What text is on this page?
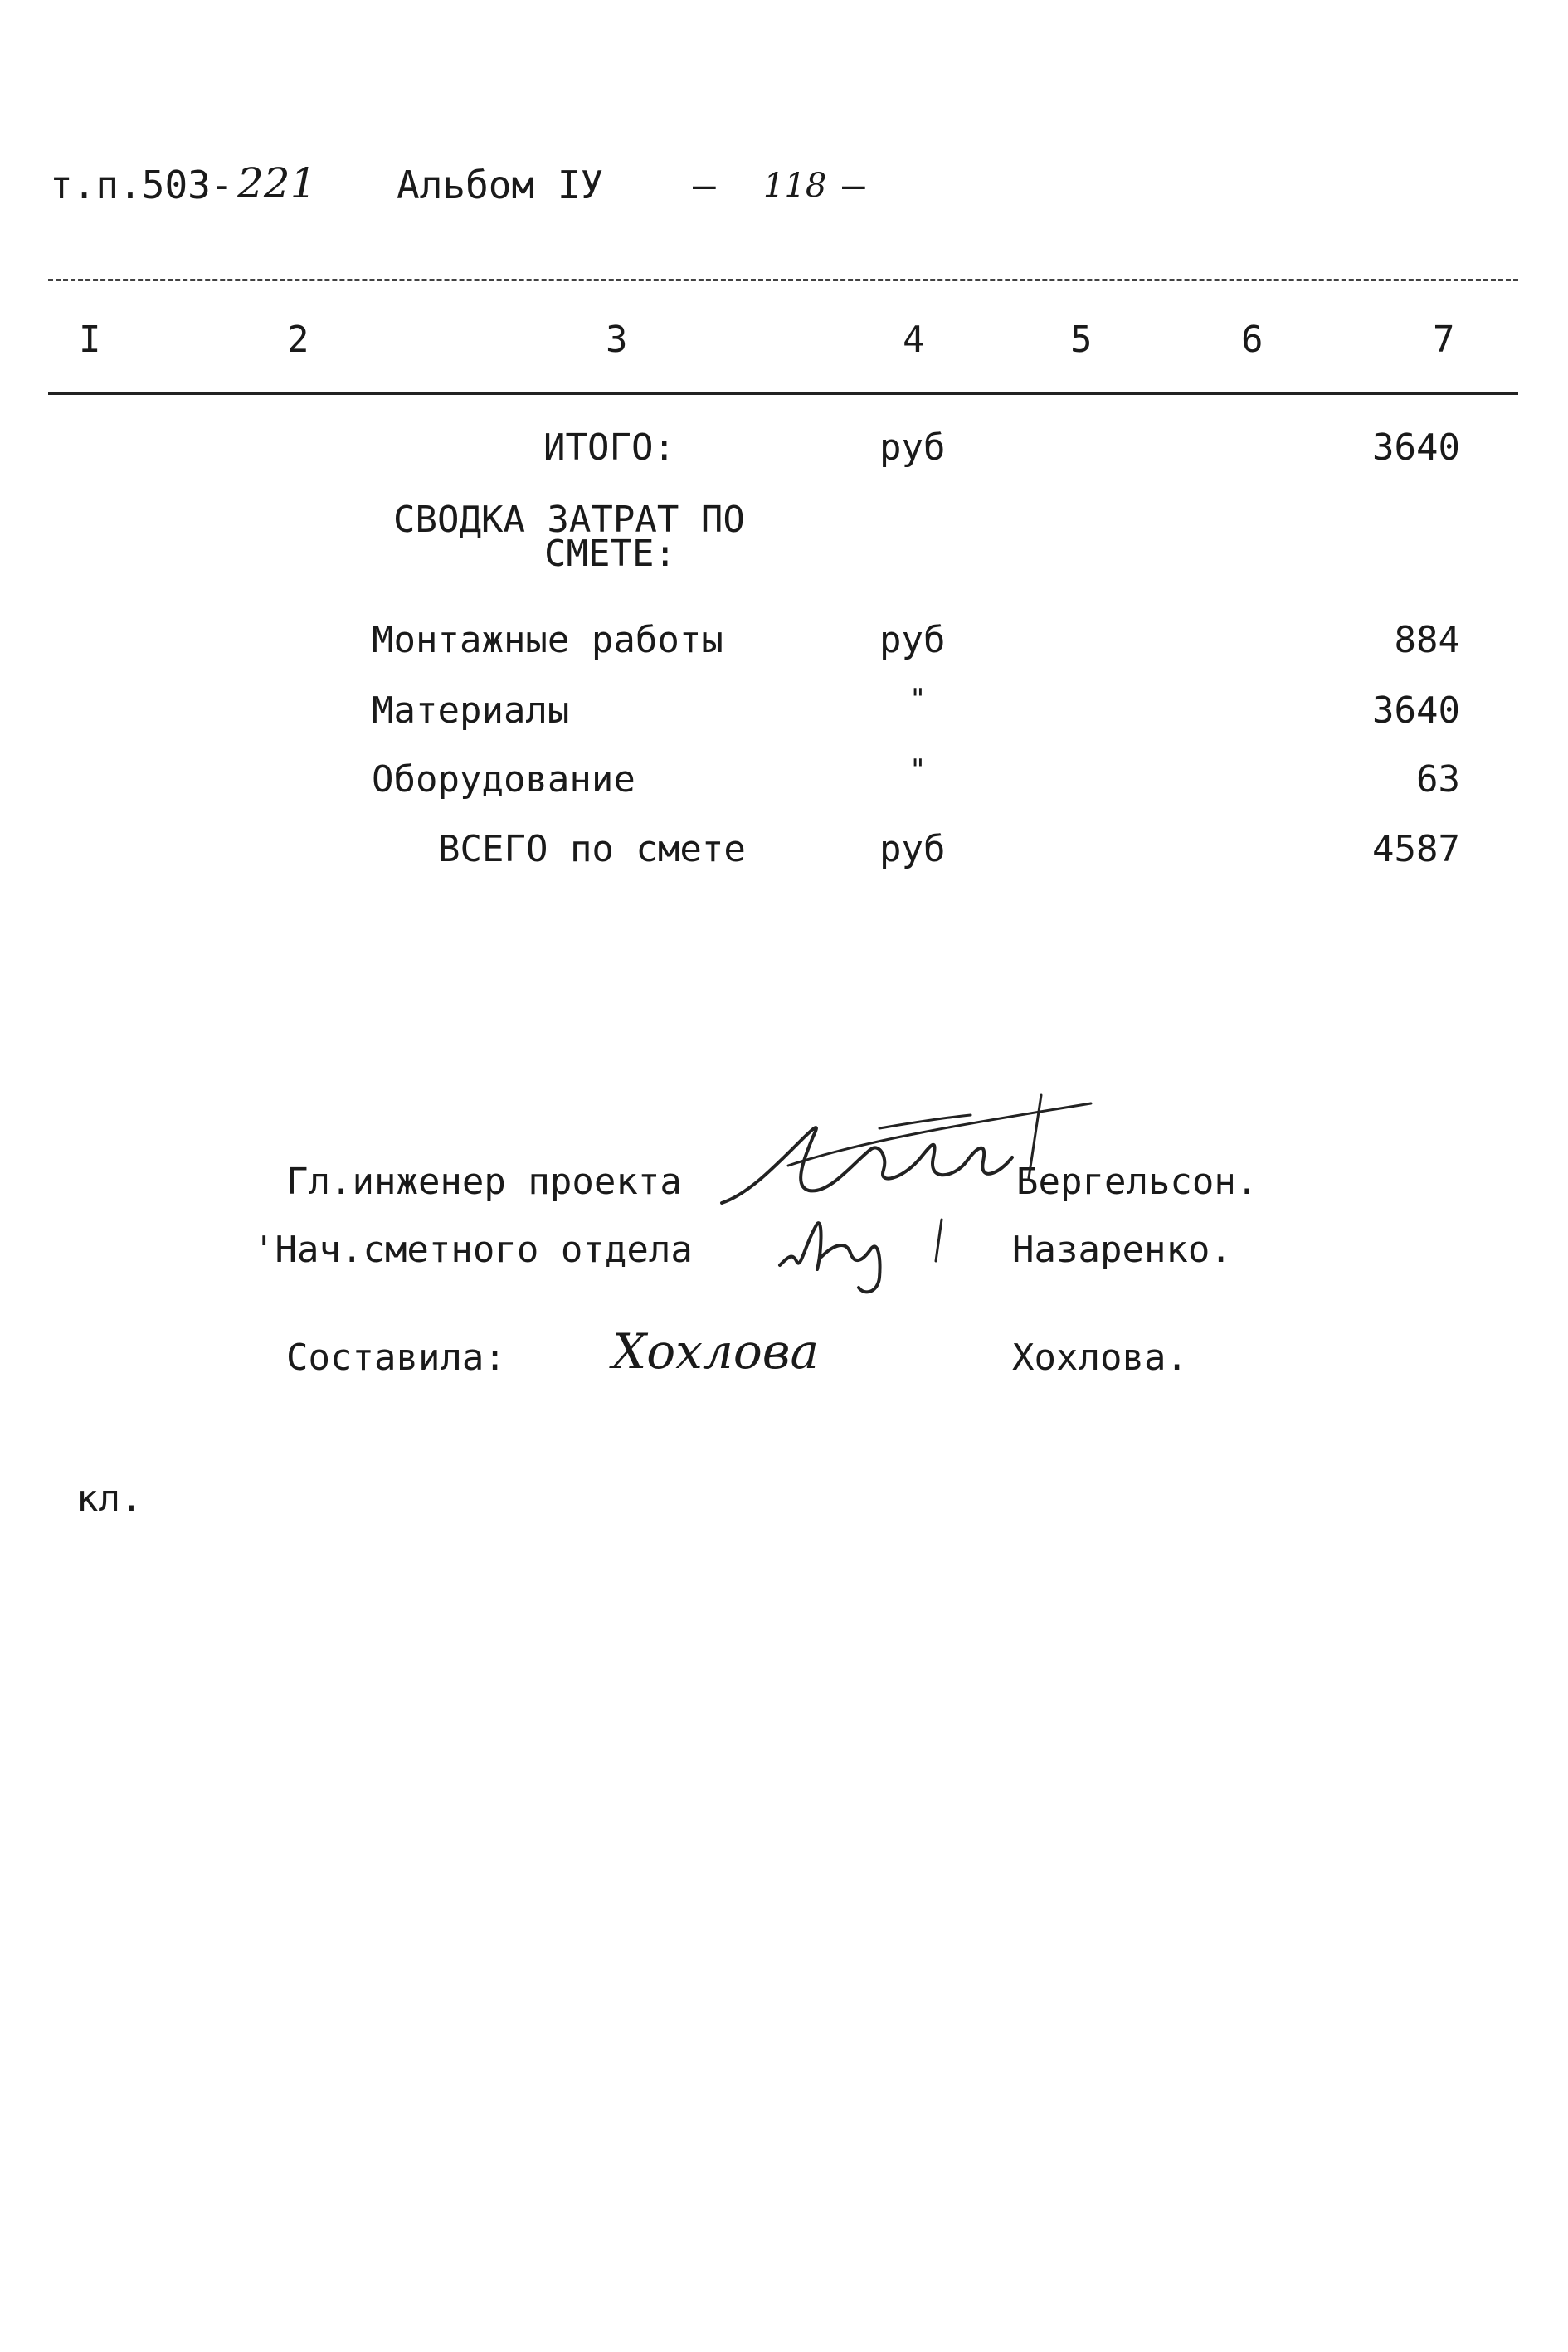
т.п.503- 221 Альбом IУ – 118 –
I	2	3	4	5	6	7
ИТОГО:	руб	3640
СВОДКА ЗАТРАТ ПО
СМЕТЕ:
Монтажные работы	руб	884
Материалы	"	3640
Оборудование	"	63
ВСЕГО по смете	руб	4587
Гл.инженер проекта	Бергельсон.
'Нач.сметного отдела	Назаренко.
Составила: Хохлова	Хохлова.
кл.
